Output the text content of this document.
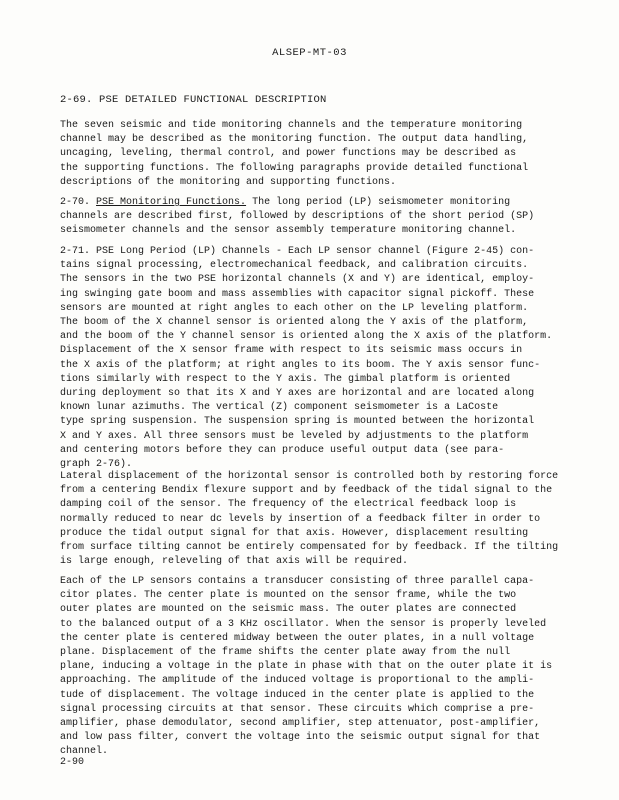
ALSEP-MT-03
2-69. PSE DETAILED FUNCTIONAL DESCRIPTION
The seven seismic and tide monitoring channels and the temperature monitoring
channel may be described as the monitoring function. The output data handling,
uncaging, leveling, thermal control, and power functions may be described as
the supporting functions. The following paragraphs provide detailed functional
descriptions of the monitoring and supporting functions.
2-70. PSE Monitoring Functions. The long period (LP) seismometer monitoring
channels are described first, followed by descriptions of the short period (SP)
seismometer channels and the sensor assembly temperature monitoring channel.
2-71. PSE Long Period (LP) Channels - Each LP sensor channel (Figure 2-45) con-
tains signal processing, electromechanical feedback, and calibration circuits.
The sensors in the two PSE horizontal channels (X and Y) are identical, employ-
ing swinging gate boom and mass assemblies with capacitor signal pickoff. These
sensors are mounted at right angles to each other on the LP leveling platform.
The boom of the X channel sensor is oriented along the Y axis of the platform,
and the boom of the Y channel sensor is oriented along the X axis of the platform.
Displacement of the X sensor frame with respect to its seismic mass occurs in
the X axis of the platform; at right angles to its boom. The Y axis sensor func-
tions similarly with respect to the Y axis. The gimbal platform is oriented
during deployment so that its X and Y axes are horizontal and are located along
known lunar azimuths. The vertical (Z) component seismometer is a LaCoste
type spring suspension. The suspension spring is mounted between the horizontal
X and Y axes. All three sensors must be leveled by adjustments to the platform
and centering motors before they can produce useful output data (see para-
graph 2-76).
Lateral displacement of the horizontal sensor is controlled both by restoring force
from a centering Bendix flexure support and by feedback of the tidal signal to the
damping coil of the sensor. The frequency of the electrical feedback loop is
normally reduced to near dc levels by insertion of a feedback filter in order to
produce the tidal output signal for that axis. However, displacement resulting
from surface tilting cannot be entirely compensated for by feedback. If the tilting
is large enough, releveling of that axis will be required.
Each of the LP sensors contains a transducer consisting of three parallel capa-
citor plates. The center plate is mounted on the sensor frame, while the two
outer plates are mounted on the seismic mass. The outer plates are connected
to the balanced output of a 3 KHz oscillator. When the sensor is properly leveled
the center plate is centered midway between the outer plates, in a null voltage
plane. Displacement of the frame shifts the center plate away from the null
plane, inducing a voltage in the plate in phase with that on the outer plate it is
approaching. The amplitude of the induced voltage is proportional to the ampli-
tude of displacement. The voltage induced in the center plate is applied to the
signal processing circuits at that sensor. These circuits which comprise a pre-
amplifier, phase demodulator, second amplifier, step attenuator, post-amplifier,
and low pass filter, convert the voltage into the seismic output signal for that
channel.
2-90
